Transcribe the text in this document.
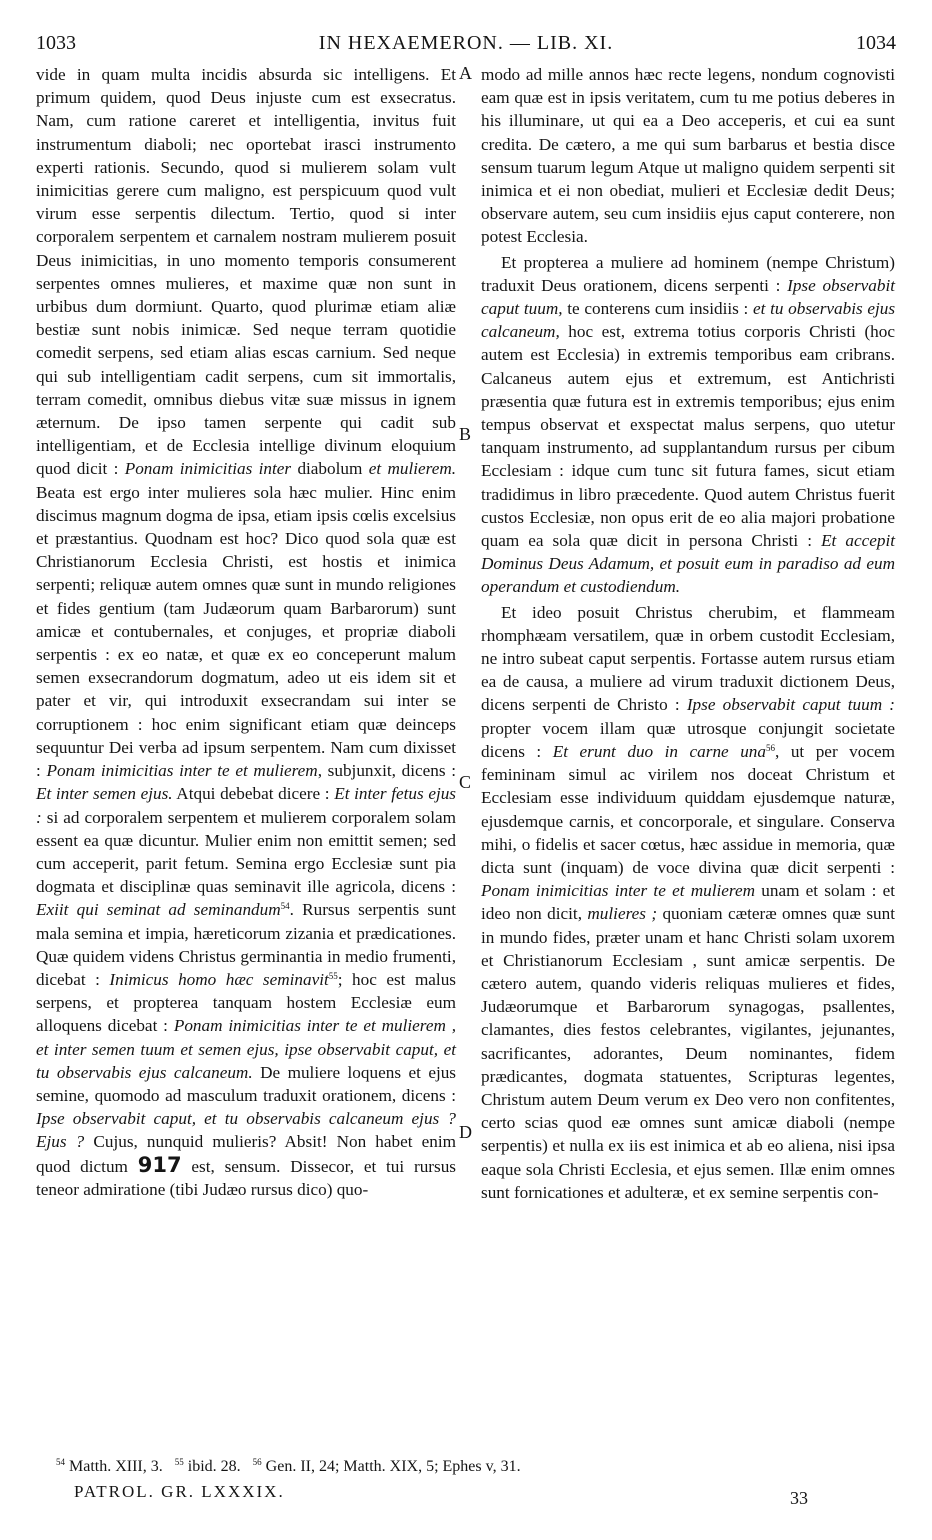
1033	IN HEXAEMERON. — LIB. XI.	1034
A
B
C
D

vide in quam multa incidis absurda sic intelligens. Et primum quidem, quod Deus injuste cum est exsecratus. Nam, cum ratione careret et intelligentia, invitus fuit instrumentum diaboli; nec oportebat irasci instrumento experti rationis. Secundo, quod si mulierem solam vult inimicitias gerere cum maligno, est perspicuum quod vult virum esse serpentis dilectum. Tertio, quod si inter corporalem serpentem et carnalem nostram mulierem posuit Deus inimicitias, in uno momento temporis consumerent serpentes omnes mulieres, et maxime quæ non sunt in urbibus dum dormiunt. Quarto, quod plurimæ etiam aliæ bestiæ sunt nobis inimicæ. Sed neque terram quotidie comedit serpens, sed etiam alias escas carnium. Sed neque qui sub intelligentiam cadit serpens, cum sit immortalis, terram comedit, omnibus diebus vitæ suæ missus in ignem æternum. De ipso tamen serpente qui cadit sub intelligentiam, et de Ecclesia intellige divinum eloquium quod dicit : Ponam inimicitias inter diabolum et mulierem. Beata est ergo inter mulieres sola hæc mulier. Hinc enim discimus magnum dogma de ipsa, etiam ipsis cœlis excelsius et præstantius. Quodnam est hoc? Dico quod sola quæ est Christianorum Ecclesia Christi, est hostis et inimica serpenti; reliquæ autem omnes quæ sunt in mundo religiones et fides gentium (tam Judæorum quam Barbarorum) sunt amicæ et contubernales, et conjuges, et propriæ diaboli serpentis : ex eo natæ, et quæ ex eo conceperunt malum semen exsecrandorum dogmatum, adeo ut eis idem sit et pater et vir, qui introduxit exsecrandam sui inter se corruptionem : hoc enim significant etiam quæ deinceps sequuntur Dei verba ad ipsum serpentem. Nam cum dixisset : Ponam inimicitias inter te et mulierem, subjunxit, dicens : Et inter semen ejus. Atqui debebat dicere : Et inter fetus ejus : si ad corporalem serpentem et mulierem corporalem solam essent ea quæ dicuntur. Mulier enim non emittit semen; sed cum acceperit, parit fetum. Semina ergo Ecclesiæ sunt pia dogmata et disciplinæ quas seminavit ille agricola, dicens : Exiit qui seminat ad seminandum$^{54}$. Rursus serpentis sunt mala semina et impia, hæreticorum zizania et prædicationes. Quæ quidem videns Christus germinantia in medio frumenti, dicebat : Inimicus homo hæc seminavit$^{55}$; hoc est malus serpens, et propterea tanquam hostem Ecclesiæ eum alloquens dicebat : Ponam inimicitias inter te et mulierem , et inter semen tuum et semen ejus, ipse observabit caput, et tu observabis ejus calcaneum. De muliere loquens et ejus semine, quomodo ad masculum traduxit orationem, dicens : Ipse observabit caput, et tu observabis calcaneum ejus ? Ejus ? Cujus, nunquid mulieris? Absit! Non habet enim quod dictum 917 est, sensum. Dissecor, et tui rursus teneor admiratione (tibi Judæo rursus dico) quo-

modo ad mille annos hæc recte legens, nondum cognovisti eam quæ est in ipsis veritatem, cum tu me potius deberes in his illuminare, ut qui ea a Deo acceperis, et cui ea sunt credita. De cætero, a me qui sum barbarus et bestia disce sensum tuarum legum Atque ut maligno quidem serpenti sit inimica et ei non obediat, mulieri et Ecclesiæ dedit Deus; observare autem, seu cum insidiis ejus caput conterere, non potest Ecclesia.

Et propterea a muliere ad hominem (nempe Christum) traduxit Deus orationem, dicens serpenti : Ipse observabit caput tuum, te conterens cum insidiis : et tu observabis ejus calcaneum, hoc est, extrema totius corporis Christi (hoc autem est Ecclesia) in extremis temporibus eam cribrans. Calcaneus autem ejus et extremum, est Antichristi præsentia quæ futura est in extremis temporibus; ejus enim tempus observat et exspectat malus serpens, quo utetur tanquam instrumento, ad supplantandum rursus per cibum Ecclesiam : idque cum tunc sit futura fames, sicut etiam tradidimus in libro præcedente. Quod autem Christus fuerit custos Ecclesiæ, non opus erit de eo alia majori probatione quam ea sola quæ dicit in persona Christi : Et accepit Dominus Deus Adamum, et posuit eum in paradiso ad eum operandum et custodiendum.

Et ideo posuit Christus cherubim, et flammeam rhomphæam versatilem, quæ in orbem custodit Ecclesiam, ne intro subeat caput serpentis. Fortasse autem rursus etiam ea de causa, a muliere ad virum traduxit dictionem Deus, dicens serpenti de Christo : Ipse observabit caput tuum : propter vocem illam quæ utrosque conjungit societate dicens : Et erunt duo in carne una$^{56}$, ut per vocem femininam simul ac virilem nos doceat Christum et Ecclesiam esse individuum quiddam ejusdemque naturæ, ejusdemque carnis, et concorporale, et singulare. Conserva mihi, o fidelis et sacer cœtus, hæc assidue in memoria, quæ dicta sunt (inquam) de voce divina quæ dicit serpenti : Ponam inimicitias inter te et mulierem unam et solam : et ideo non dicit, mulieres ; quoniam cæteræ omnes quæ sunt in mundo fides, præter unam et hanc Christi solam uxorem et Christianorum Ecclesiam , sunt amicæ serpentis. De cætero autem, quando videris reliquas mulieres et fides, Judæorumque et Barbarorum synagogas, psallentes, clamantes, dies festos celebrantes, vigilantes, jejunantes, sacrificantes, adorantes, Deum nominantes, fidem prædicantes, dogmata statuentes, Scripturas legentes, Christum autem Deum verum ex Deo vero non confitentes, certo scias quod eæ omnes sunt amicæ diaboli (nempe serpentis) et nulla ex iis est inimica et ab eo aliena, nisi ipsa eaque sola Christi Ecclesia, et ejus semen. Illæ enim omnes sunt fornicationes et adulteræ, et ex semine serpentis con-

$^{54}$ Matth. XIII, 3. $^{55}$ ibid. 28. $^{56}$ Gen. II, 24; Matth. XIX, 5; Ephes v, 31.
PATROL. GR. LXXXIX.	33
